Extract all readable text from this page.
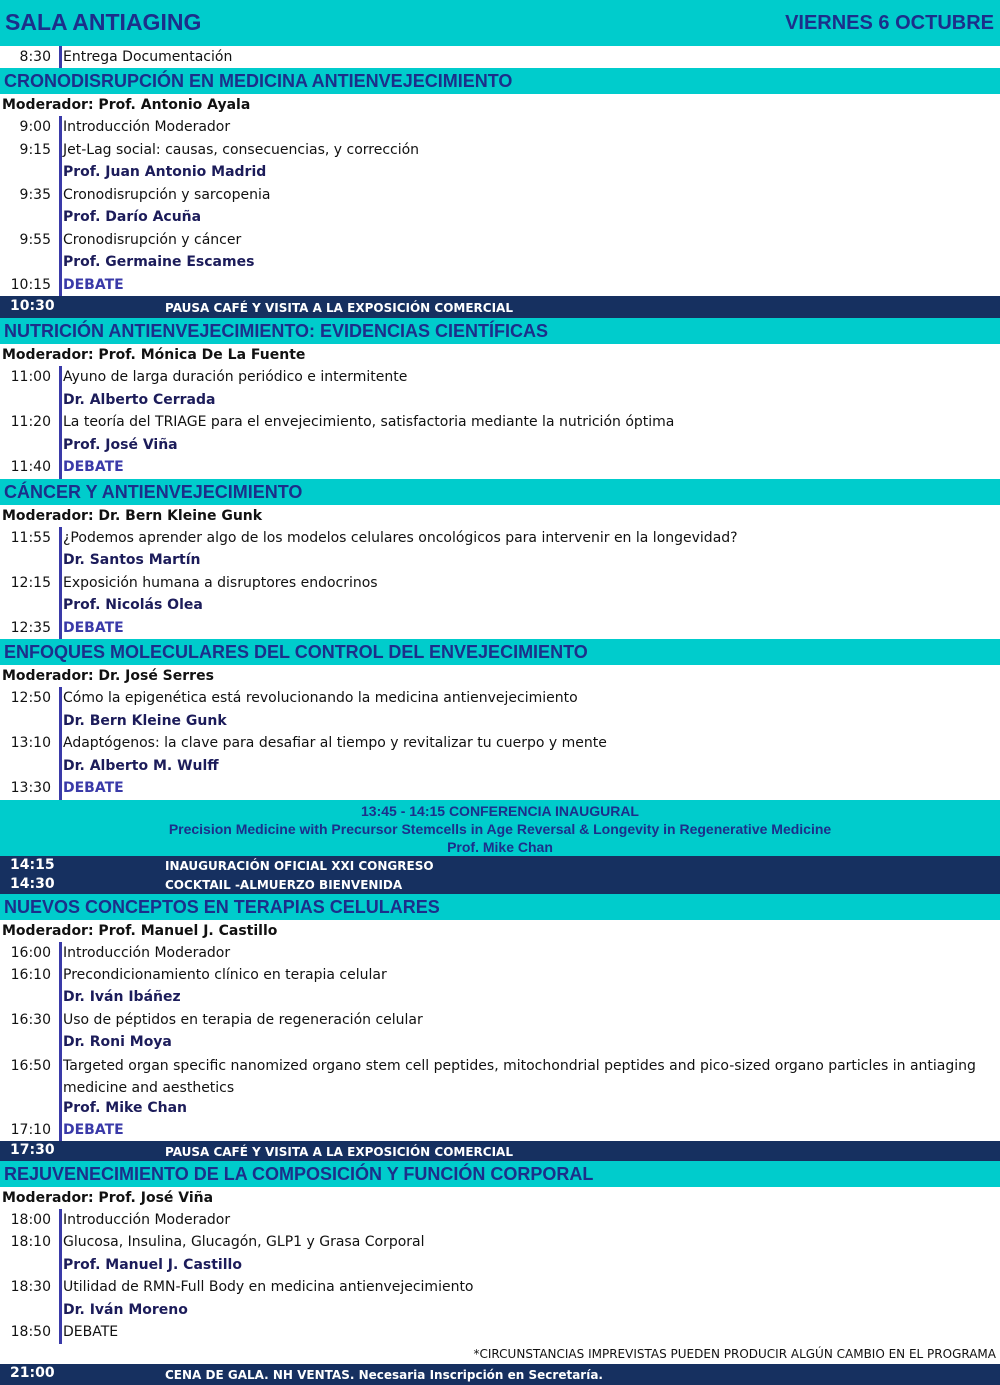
SALA ANTIAGING	VIERNES 6 OCTUBRE
8:30 Entrega Documentación
CRONODISRUPCIÓN EN MEDICINA ANTIENVEJECIMIENTO
Moderador: Prof. Antonio Ayala
9:00 Introducción Moderador
9:15 Jet-Lag social: causas, consecuencias, y corrección
Prof. Juan Antonio Madrid
9:35 Cronodisrupción y sarcopenia
Prof. Darío Acuña
9:55 Cronodisrupción y cáncer
Prof. Germaine Escames
10:15 DEBATE
10:30	PAUSA CAFÉ Y VISITA A LA EXPOSICIÓN COMERCIAL
NUTRICIÓN ANTIENVEJECIMIENTO: EVIDENCIAS CIENTÍFICAS
Moderador: Prof. Mónica De La Fuente
11:00 Ayuno de larga duración periódico e intermitente
Dr. Alberto Cerrada
11:20 La teoría del TRIAGE para el envejecimiento, satisfactoria mediante la nutrición óptima
Prof. José Viña
11:40 DEBATE
CÁNCER Y ANTIENVEJECIMIENTO
Moderador: Dr. Bern Kleine Gunk
11:55 ¿Podemos aprender algo de los modelos celulares oncológicos para intervenir en la longevidad?
Dr. Santos Martín
12:15 Exposición humana a disruptores endocrinos
Prof. Nicolás Olea
12:35 DEBATE
ENFOQUES MOLECULARES DEL CONTROL DEL ENVEJECIMIENTO
Moderador: Dr. José Serres
12:50 Cómo la epigenética está revolucionando la medicina antienvejecimiento
Dr. Bern Kleine Gunk
13:10 Adaptógenos: la clave para desafiar al tiempo y revitalizar tu cuerpo y mente
Dr. Alberto M. Wulff
13:30 DEBATE
13:45 - 14:15 CONFERENCIA INAUGURAL
Precision Medicine with Precursor Stemcells in Age Reversal & Longevity in Regenerative Medicine
Prof. Mike Chan
14:15	INAUGURACIÓN OFICIAL XXI CONGRESO
14:30	COCKTAIL -ALMUERZO BIENVENIDA
NUEVOS CONCEPTOS EN TERAPIAS CELULARES
Moderador: Prof. Manuel J. Castillo
16:00 Introducción Moderador
16:10 Precondicionamiento clínico en terapia celular
Dr. Iván Ibáñez
16:30 Uso de péptidos en terapia de regeneración celular
Dr. Roni Moya
16:50 Targeted organ specific nanomized organo stem cell peptides, mitochondrial peptides and pico-sized organo particles in antiaging medicine and aesthetics
Prof. Mike Chan
17:10 DEBATE
17:30	PAUSA CAFÉ Y VISITA A LA EXPOSICIÓN COMERCIAL
REJUVENECIMIENTO DE LA COMPOSICIÓN Y FUNCIÓN CORPORAL
Moderador: Prof. José Viña
18:00 Introducción Moderador
18:10 Glucosa, Insulina, Glucagón, GLP1 y Grasa Corporal
Prof. Manuel J. Castillo
18:30 Utilidad de RMN-Full Body en medicina antienvejecimiento
Dr. Iván Moreno
18:50 DEBATE
*CIRCUNSTANCIAS IMPREVISTAS PUEDEN PRODUCIR ALGÚN CAMBIO EN EL PROGRAMA
21:00	CENA DE GALA. NH VENTAS. Necesaria Inscripción en Secretaría.
